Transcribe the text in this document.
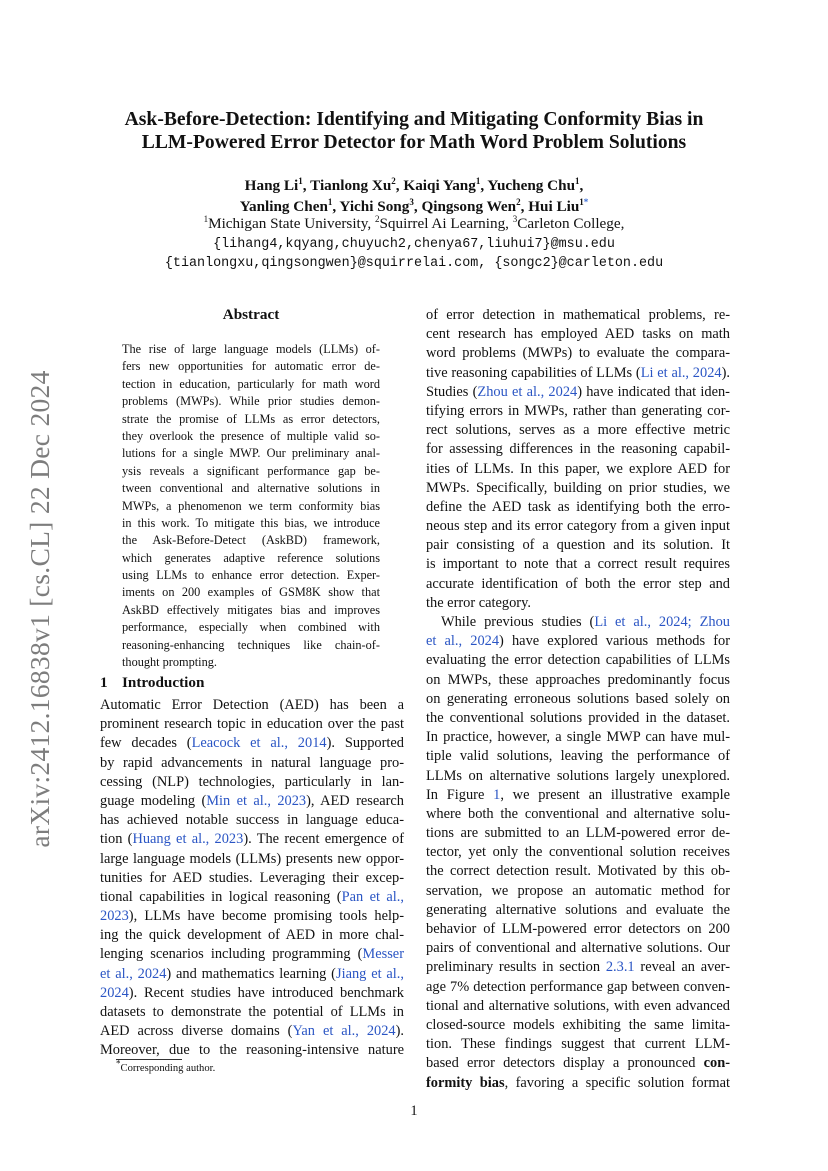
arXiv:2412.16838v1 [cs.CL] 22 Dec 2024
Ask-Before-Detection: Identifying and Mitigating Conformity Bias in
LLM-Powered Error Detector for Math Word Problem Solutions
Hang Li$^1$, Tianlong Xu$^2$, Kaiqi Yang$^1$, Yucheng Chu$^1$,
Yanling Chen$^1$, Yichi Song$^3$, Qingsong Wen$^2$, Hui Liu$^{1*}$
$^1$Michigan State University, $^2$Squirrel Ai Learning, $^3$Carleton College,
{lihang4,kqyang,chuyuch2,chenya67,liuhui7}@msu.edu
{tianlongxu,qingsongwen}@squirrelai.com, {songc2}@carleton.edu
Abstract
The rise of large language models (LLMs) of-
fers new opportunities for automatic error de-
tection in education, particularly for math word
problems (MWPs). While prior studies demon-
strate the promise of LLMs as error detectors,
they overlook the presence of multiple valid so-
lutions for a single MWP. Our preliminary anal-
ysis reveals a significant performance gap be-
tween conventional and alternative solutions in
MWPs, a phenomenon we term conformity bias
in this work. To mitigate this bias, we introduce
the Ask-Before-Detect (AskBD) framework,
which generates adaptive reference solutions
using LLMs to enhance error detection. Exper-
iments on 200 examples of GSM8K show that
AskBD effectively mitigates bias and improves
performance, especially when combined with
reasoning-enhancing techniques like chain-of-
thought prompting.
1 Introduction
Automatic Error Detection (AED) has been a
prominent research topic in education over the past
few decades (Leacock et al., 2014). Supported
by rapid advancements in natural language pro-
cessing (NLP) technologies, particularly in lan-
guage modeling (Min et al., 2023), AED research
has achieved notable success in language educa-
tion (Huang et al., 2023). The recent emergence of
large language models (LLMs) presents new oppor-
tunities for AED studies. Leveraging their excep-
tional capabilities in logical reasoning (Pan et al.,
2023), LLMs have become promising tools help-
ing the quick development of AED in more chal-
lenging scenarios including programming (Messer
et al., 2024) and mathematics learning (Jiang et al.,
2024). Recent studies have introduced benchmark
datasets to demonstrate the potential of LLMs in
AED across diverse domains (Yan et al., 2024).
Moreover, due to the reasoning-intensive nature
of error detection in mathematical problems, re-
cent research has employed AED tasks on math
word problems (MWPs) to evaluate the compara-
tive reasoning capabilities of LLMs (Li et al., 2024).
Studies (Zhou et al., 2024) have indicated that iden-
tifying errors in MWPs, rather than generating cor-
rect solutions, serves as a more effective metric
for assessing differences in the reasoning capabil-
ities of LLMs. In this paper, we explore AED for
MWPs. Specifically, building on prior studies, we
define the AED task as identifying both the erro-
neous step and its error category from a given input
pair consisting of a question and its solution. It
is important to note that a correct result requires
accurate identification of both the error step and
the error category.
While previous studies (Li et al., 2024; Zhou
et al., 2024) have explored various methods for
evaluating the error detection capabilities of LLMs
on MWPs, these approaches predominantly focus
on generating erroneous solutions based solely on
the conventional solutions provided in the dataset.
In practice, however, a single MWP can have mul-
tiple valid solutions, leaving the performance of
LLMs on alternative solutions largely unexplored.
In Figure 1, we present an illustrative example
where both the conventional and alternative solu-
tions are submitted to an LLM-powered error de-
tector, yet only the conventional solution receives
the correct detection result. Motivated by this ob-
servation, we propose an automatic method for
generating alternative solutions and evaluate the
behavior of LLM-powered error detectors on 200
pairs of conventional and alternative solutions. Our
preliminary results in section 2.3.1 reveal an aver-
age 7% detection performance gap between conven-
tional and alternative solutions, with even advanced
closed-source models exhibiting the same limita-
tion. These findings suggest that current LLM-
based error detectors display a pronounced con-
formity bias, favoring a specific solution format
*Corresponding author.
1
